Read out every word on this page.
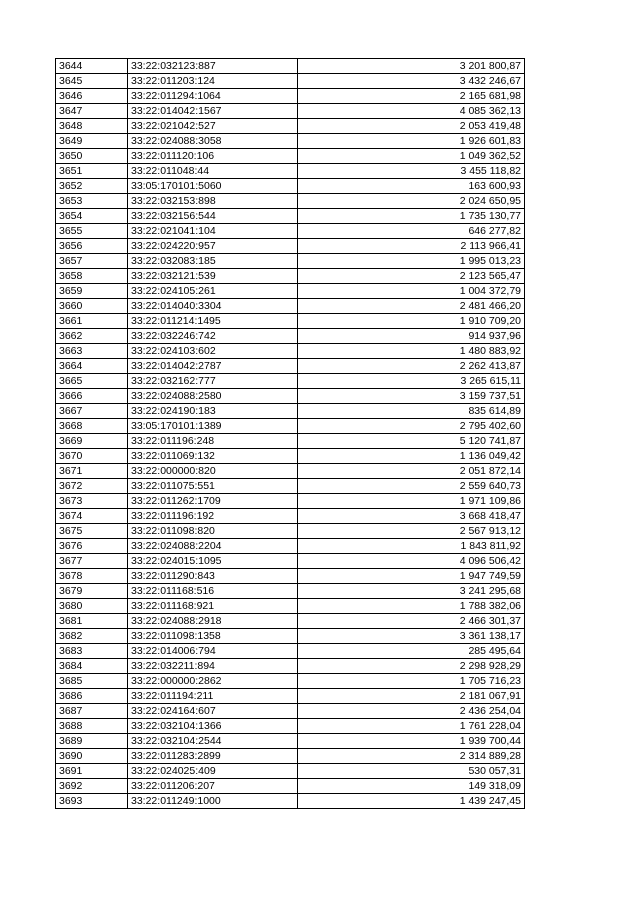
3644	33:22:032123:887	3 201 800,87
3645	33:22:011203:124	3 432 246,67
3646	33:22:011294:1064	2 165 681,98
3647	33:22:014042:1567	4 085 362,13
3648	33:22:021042:527	2 053 419,48
3649	33:22:024088:3058	1 926 601,83
3650	33:22:011120:106	1 049 362,52
3651	33:22:011048:44	3 455 118,82
3652	33:05:170101:5060	163 600,93
3653	33:22:032153:898	2 024 650,95
3654	33:22:032156:544	1 735 130,77
3655	33:22:021041:104	646 277,82
3656	33:22:024220:957	2 113 966,41
3657	33:22:032083:185	1 995 013,23
3658	33:22:032121:539	2 123 565,47
3659	33:22:024105:261	1 004 372,79
3660	33:22:014040:3304	2 481 466,20
3661	33:22:011214:1495	1 910 709,20
3662	33:22:032246:742	914 937,96
3663	33:22:024103:602	1 480 883,92
3664	33:22:014042:2787	2 262 413,87
3665	33:22:032162:777	3 265 615,11
3666	33:22:024088:2580	3 159 737,51
3667	33:22:024190:183	835 614,89
3668	33:05:170101:1389	2 795 402,60
3669	33:22:011196:248	5 120 741,87
3670	33:22:011069:132	1 136 049,42
3671	33:22:000000:820	2 051 872,14
3672	33:22:011075:551	2 559 640,73
3673	33:22:011262:1709	1 971 109,86
3674	33:22:011196:192	3 668 418,47
3675	33:22:011098:820	2 567 913,12
3676	33:22:024088:2204	1 843 811,92
3677	33:22:024015:1095	4 096 506,42
3678	33:22:011290:843	1 947 749,59
3679	33:22:011168:516	3 241 295,68
3680	33:22:011168:921	1 788 382,06
3681	33:22:024088:2918	2 466 301,37
3682	33:22:011098:1358	3 361 138,17
3683	33:22:014006:794	285 495,64
3684	33:22:032211:894	2 298 928,29
3685	33:22:000000:2862	1 705 716,23
3686	33:22:011194:211	2 181 067,91
3687	33:22:024164:607	2 436 254,04
3688	33:22:032104:1366	1 761 228,04
3689	33:22:032104:2544	1 939 700,44
3690	33:22:011283:2899	2 314 889,28
3691	33:22:024025:409	530 057,31
3692	33:22:011206:207	149 318,09
3693	33:22:011249:1000	1 439 247,45
